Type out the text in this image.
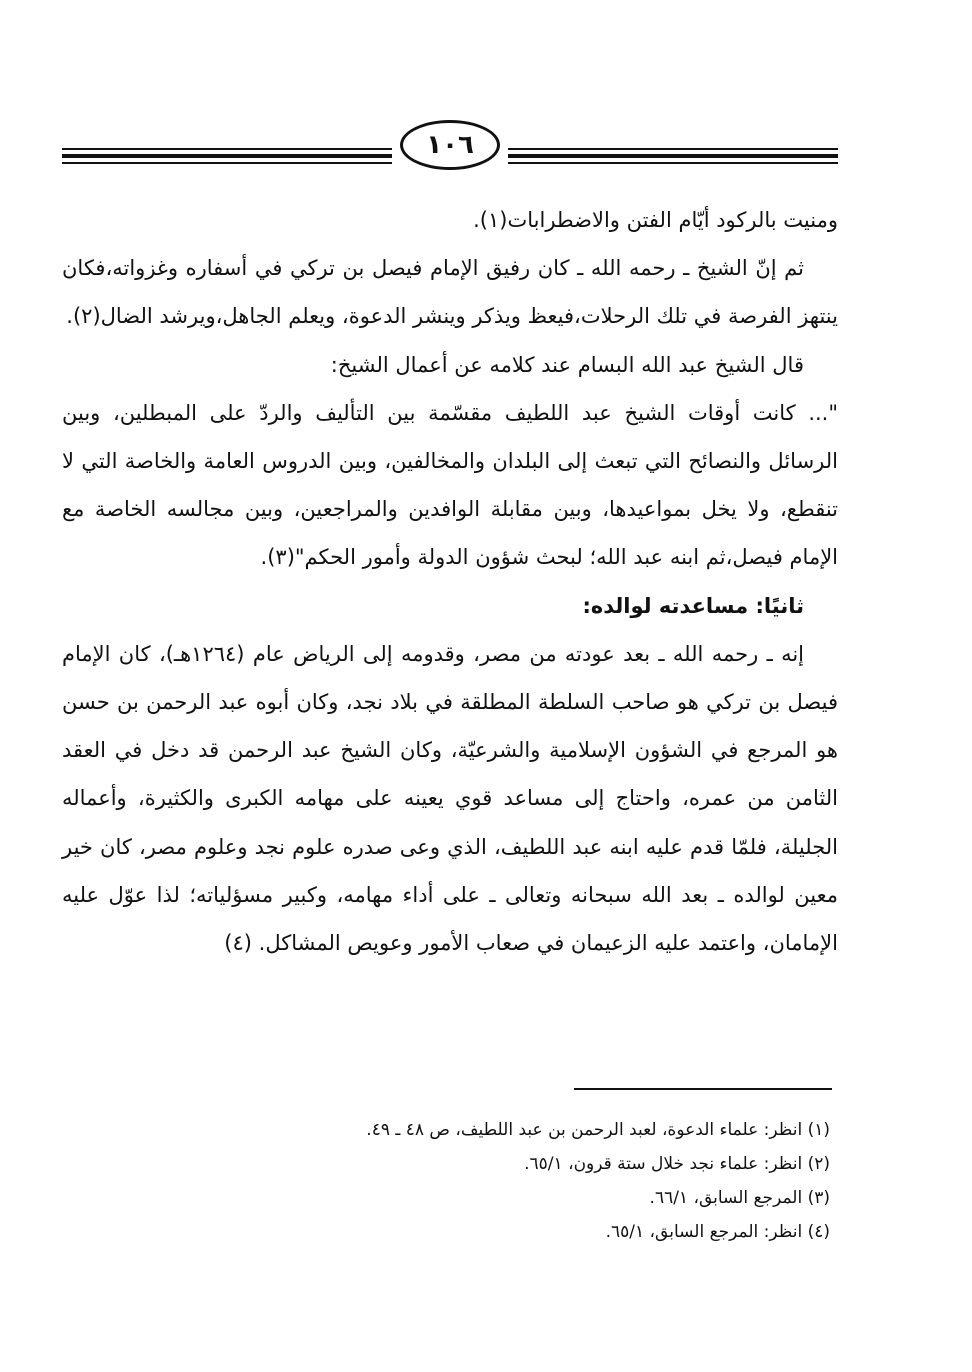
١٠٦

ومنيت بالركود أيّام الفتن والاضطرابات(١).

ثم إنّ الشيخ ـ رحمه الله ـ كان رفيق الإمام فيصل بن تركي في أسفاره وغزواته،فكان ينتهز الفرصة في تلك الرحلات،فيعظ ويذكر وينشر الدعوة، ويعلم الجاهل،ويرشد الضال(٢).

قال الشيخ عبد الله البسام عند كلامه عن أعمال الشيخ:

"... كانت أوقات الشيخ عبد اللطيف مقسّمة بين التأليف والردّ على المبطلين، وبين الرسائل والنصائح التي تبعث إلى البلدان والمخالفين، وبين الدروس العامة والخاصة التي لا تنقطع، ولا يخل بمواعيدها، وبين مقابلة الوافدين والمراجعين، وبين مجالسه الخاصة مع الإمام فيصل،ثم ابنه عبد الله؛ لبحث شؤون الدولة وأمور الحكم"(٣).

ثانيًا: مساعدته لوالده:

إنه ـ رحمه الله ـ بعد عودته من مصر، وقدومه إلى الرياض عام (١٢٦٤هـ)، كان الإمام فيصل بن تركي هو صاحب السلطة المطلقة في بلاد نجد، وكان أبوه عبد الرحمن بن حسن هو المرجع في الشؤون الإسلامية والشرعيّة، وكان الشيخ عبد الرحمن قد دخل في العقد الثامن من عمره، واحتاج إلى مساعد قوي يعينه على مهامه الكبرى والكثيرة، وأعماله الجليلة، فلمّا قدم عليه ابنه عبد اللطيف، الذي وعى صدره علوم نجد وعلوم مصر، كان خير معين لوالده ـ بعد الله سبحانه وتعالى ـ على أداء مهامه، وكبير مسؤلياته؛ لذا عوّل عليه الإمامان، واعتمد عليه الزعيمان في صعاب الأمور وعويص المشاكل. (٤)

(١) انظر: علماء الدعوة، لعبد الرحمن بن عبد اللطيف، ص ٤٨ ـ ٤٩.
(٢) انظر: علماء نجد خلال ستة قرون، ٦٥/١.
(٣) المرجع السابق، ٦٦/١.
(٤) انظر: المرجع السابق، ٦٥/١.
